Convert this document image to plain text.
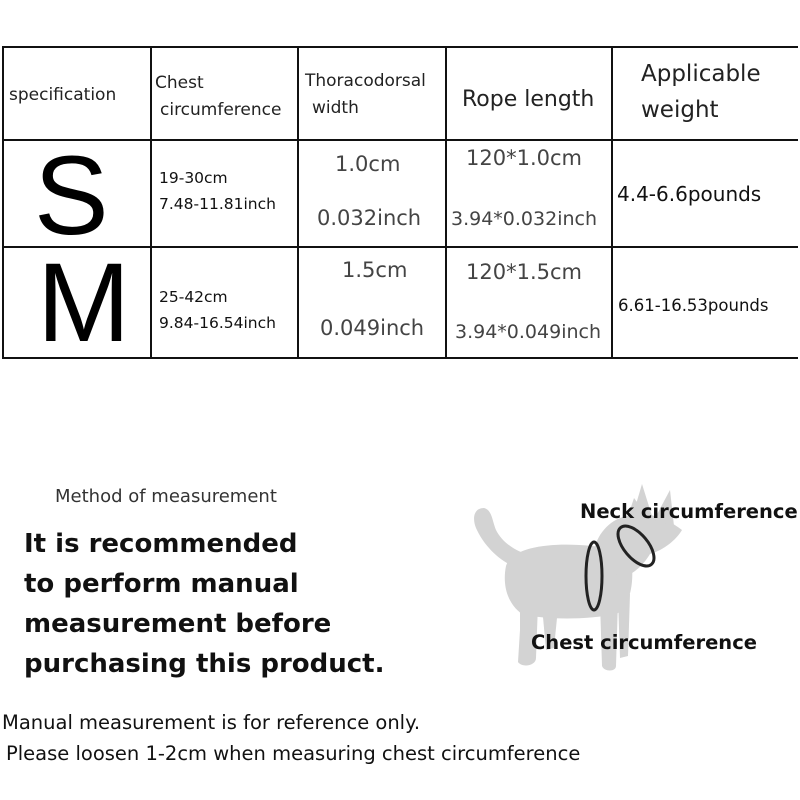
specification
Chest
circumference
Thoracodorsal
width	Rope length
Applicable
weight
S	19-30cm
7.48-11.81inch
1.0cm
0.032inch
120*1.0cm
3.94*0.032inch
4.4-6.6pounds
M 25-42cm
9.84-16.54inch
1.5cm
0.049inch
120*1.5cm
3.94*0.049inch
6.61-16.53pounds
Method of measurement
It is recommended
to perform manual
measurement before
purchasing this product.
Manual measurement is for reference only.
Please loosen 1-2cm when measuring chest circumference
Neck circumference
Chest circumference
